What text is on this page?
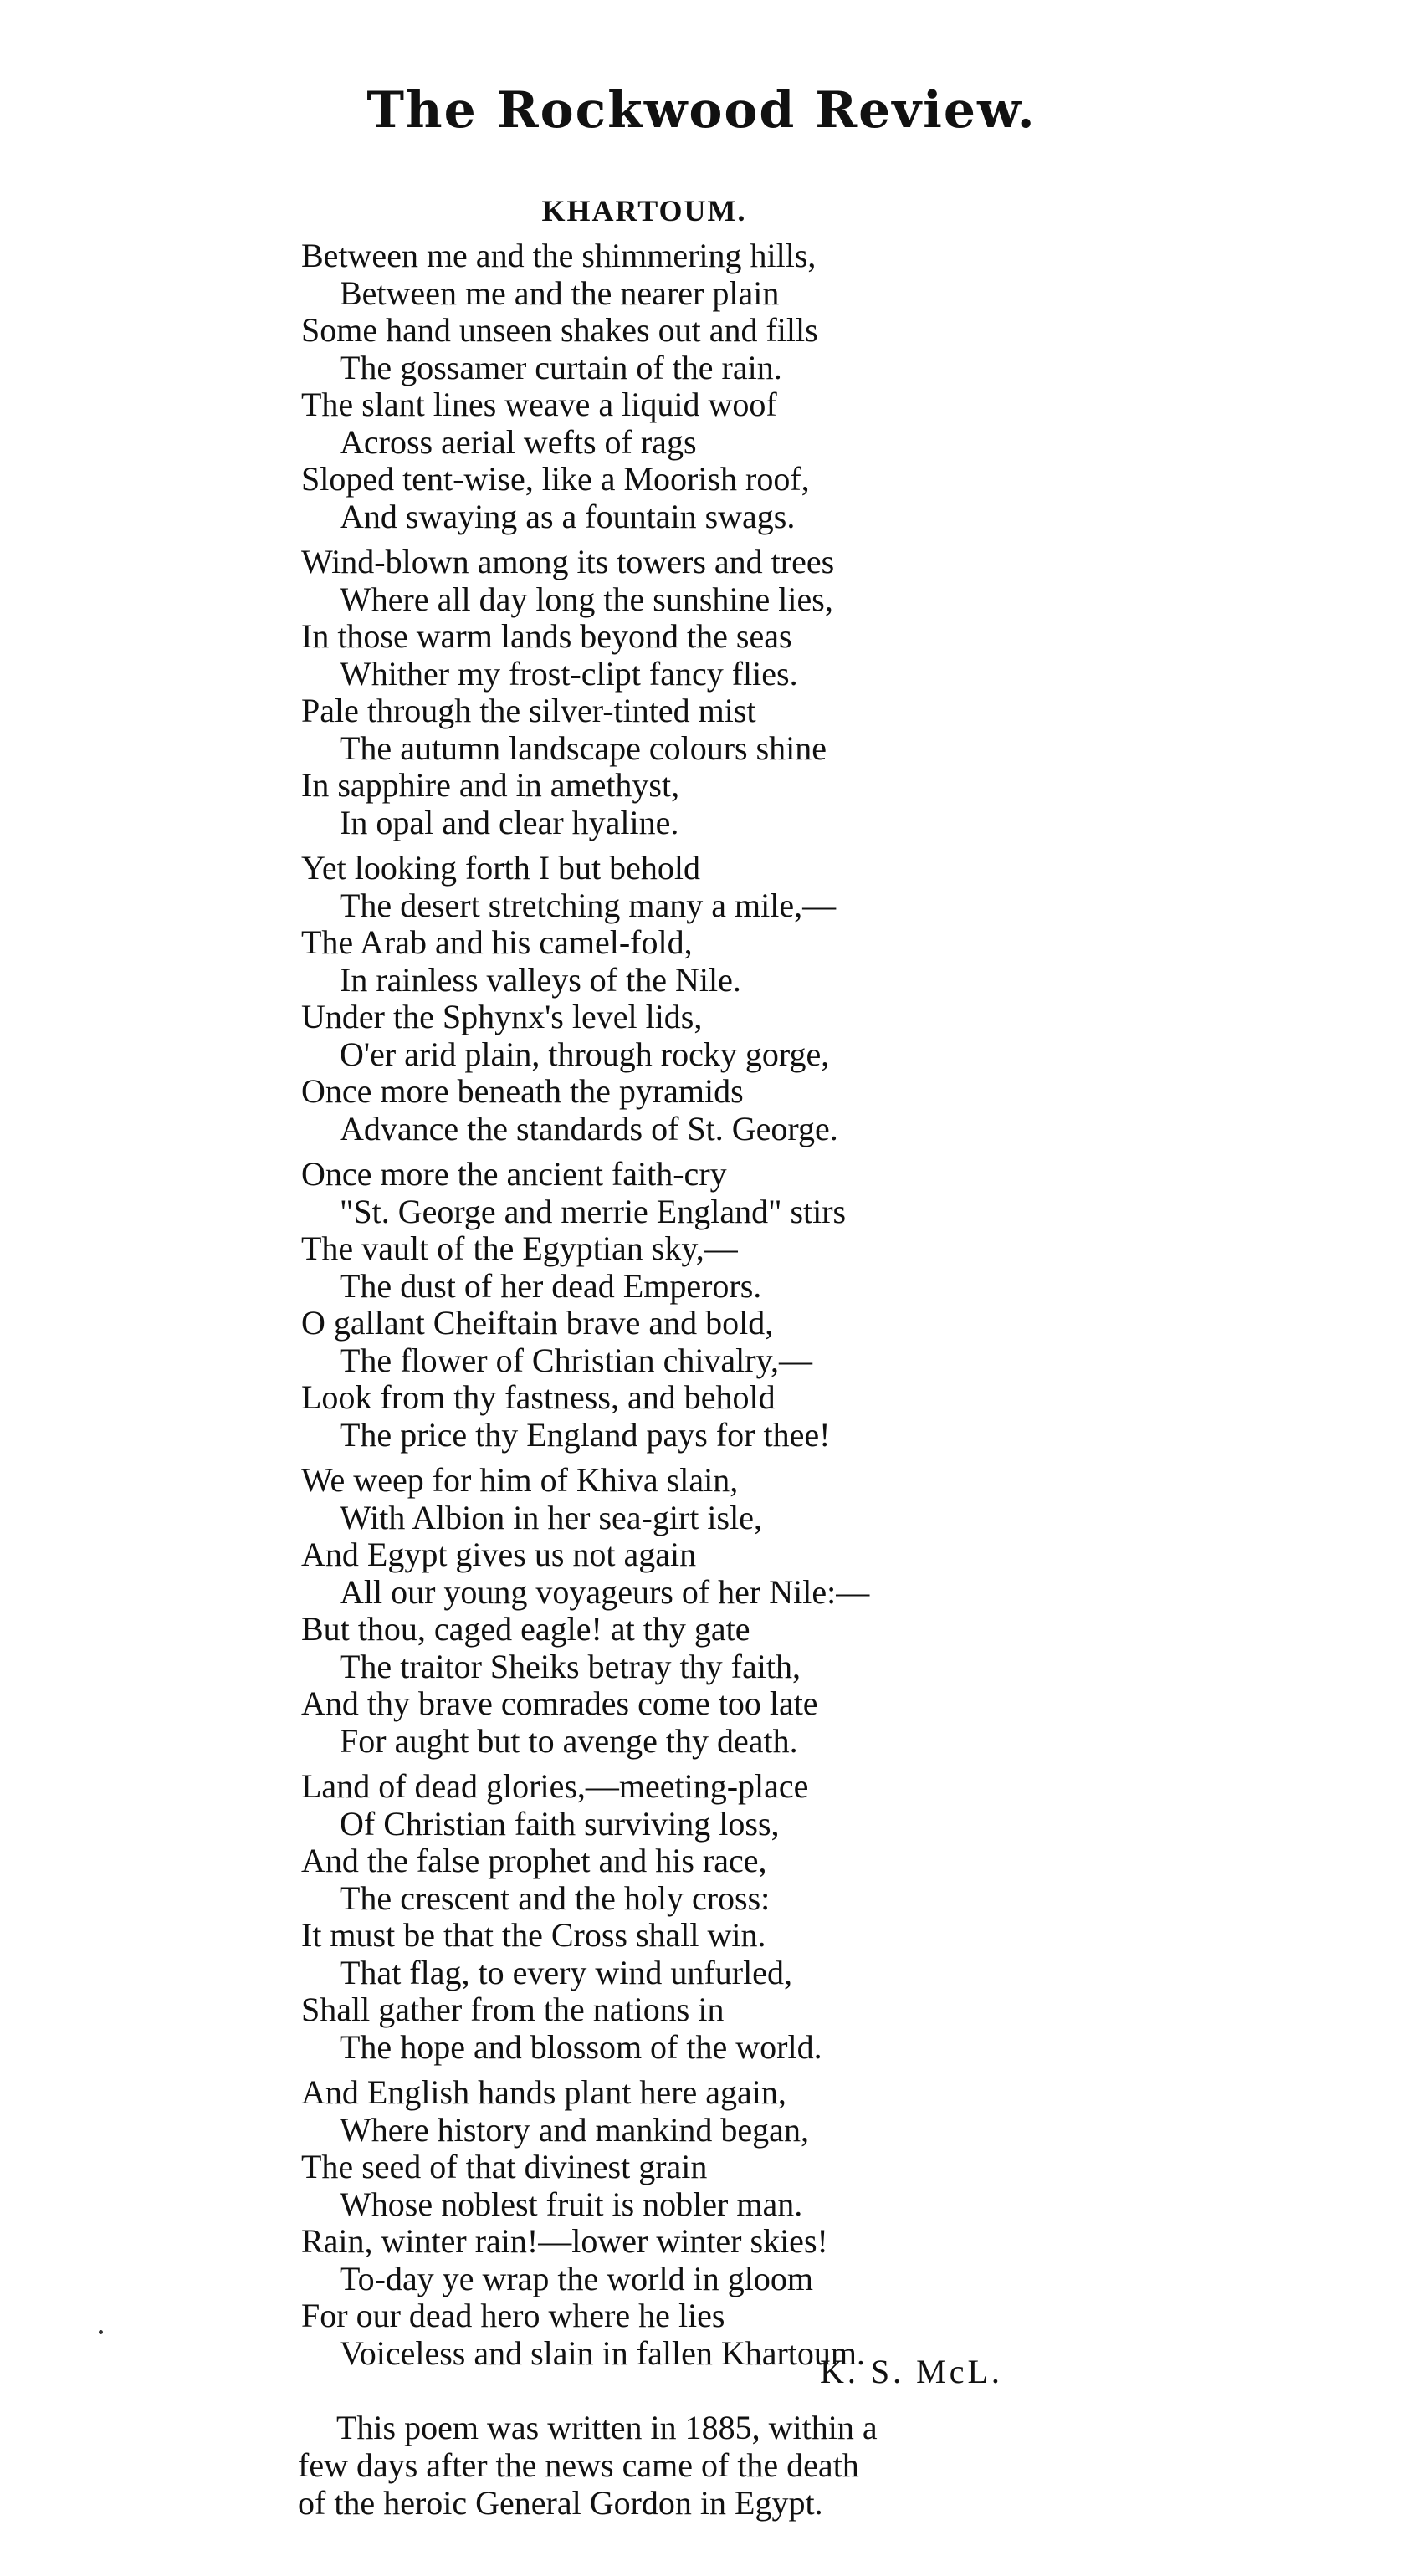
The Rockwood Review.
KHARTOUM.
Between me and the shimmering hills,
Between me and the nearer plain
Some hand unseen shakes out and fills
The gossamer curtain of the rain.
The slant lines weave a liquid woof
Across aerial wefts of rags
Sloped tent-wise, like a Moorish roof,
And swaying as a fountain swags.
Wind-blown among its towers and trees
Where all day long the sunshine lies,
In those warm lands beyond the seas
Whither my frost-clipt fancy flies.
Pale through the silver-tinted mist
The autumn landscape colours shine
In sapphire and in amethyst,
In opal and clear hyaline.
Yet looking forth I but behold
The desert stretching many a mile,—
The Arab and his camel-fold,
In rainless valleys of the Nile.
Under the Sphynx's level lids,
O'er arid plain, through rocky gorge,
Once more beneath the pyramids
Advance the standards of St. George.
Once more the ancient faith-cry
"St. George and merrie England" stirs
The vault of the Egyptian sky,—
The dust of her dead Emperors.
O gallant Cheiftain brave and bold,
The flower of Christian chivalry,—
Look from thy fastness, and behold
The price thy England pays for thee!
We weep for him of Khiva slain,
With Albion in her sea-girt isle,
And Egypt gives us not again
All our young voyageurs of her Nile:—
But thou, caged eagle! at thy gate
The traitor Sheiks betray thy faith,
And thy brave comrades come too late
For aught but to avenge thy death.
Land of dead glories,—meeting-place
Of Christian faith surviving loss,
And the false prophet and his race,
The crescent and the holy cross:
It must be that the Cross shall win.
That flag, to every wind unfurled,
Shall gather from the nations in
The hope and blossom of the world.
And English hands plant here again,
Where history and mankind began,
The seed of that divinest grain
Whose noblest fruit is nobler man.
Rain, winter rain!—lower winter skies!
To-day ye wrap the world in gloom
For our dead hero where he lies
Voiceless and slain in fallen Khartoum.
K. S. McL.
This poem was written in 1885, within a
few days after the news came of the death
of the heroic General Gordon in Egypt.
